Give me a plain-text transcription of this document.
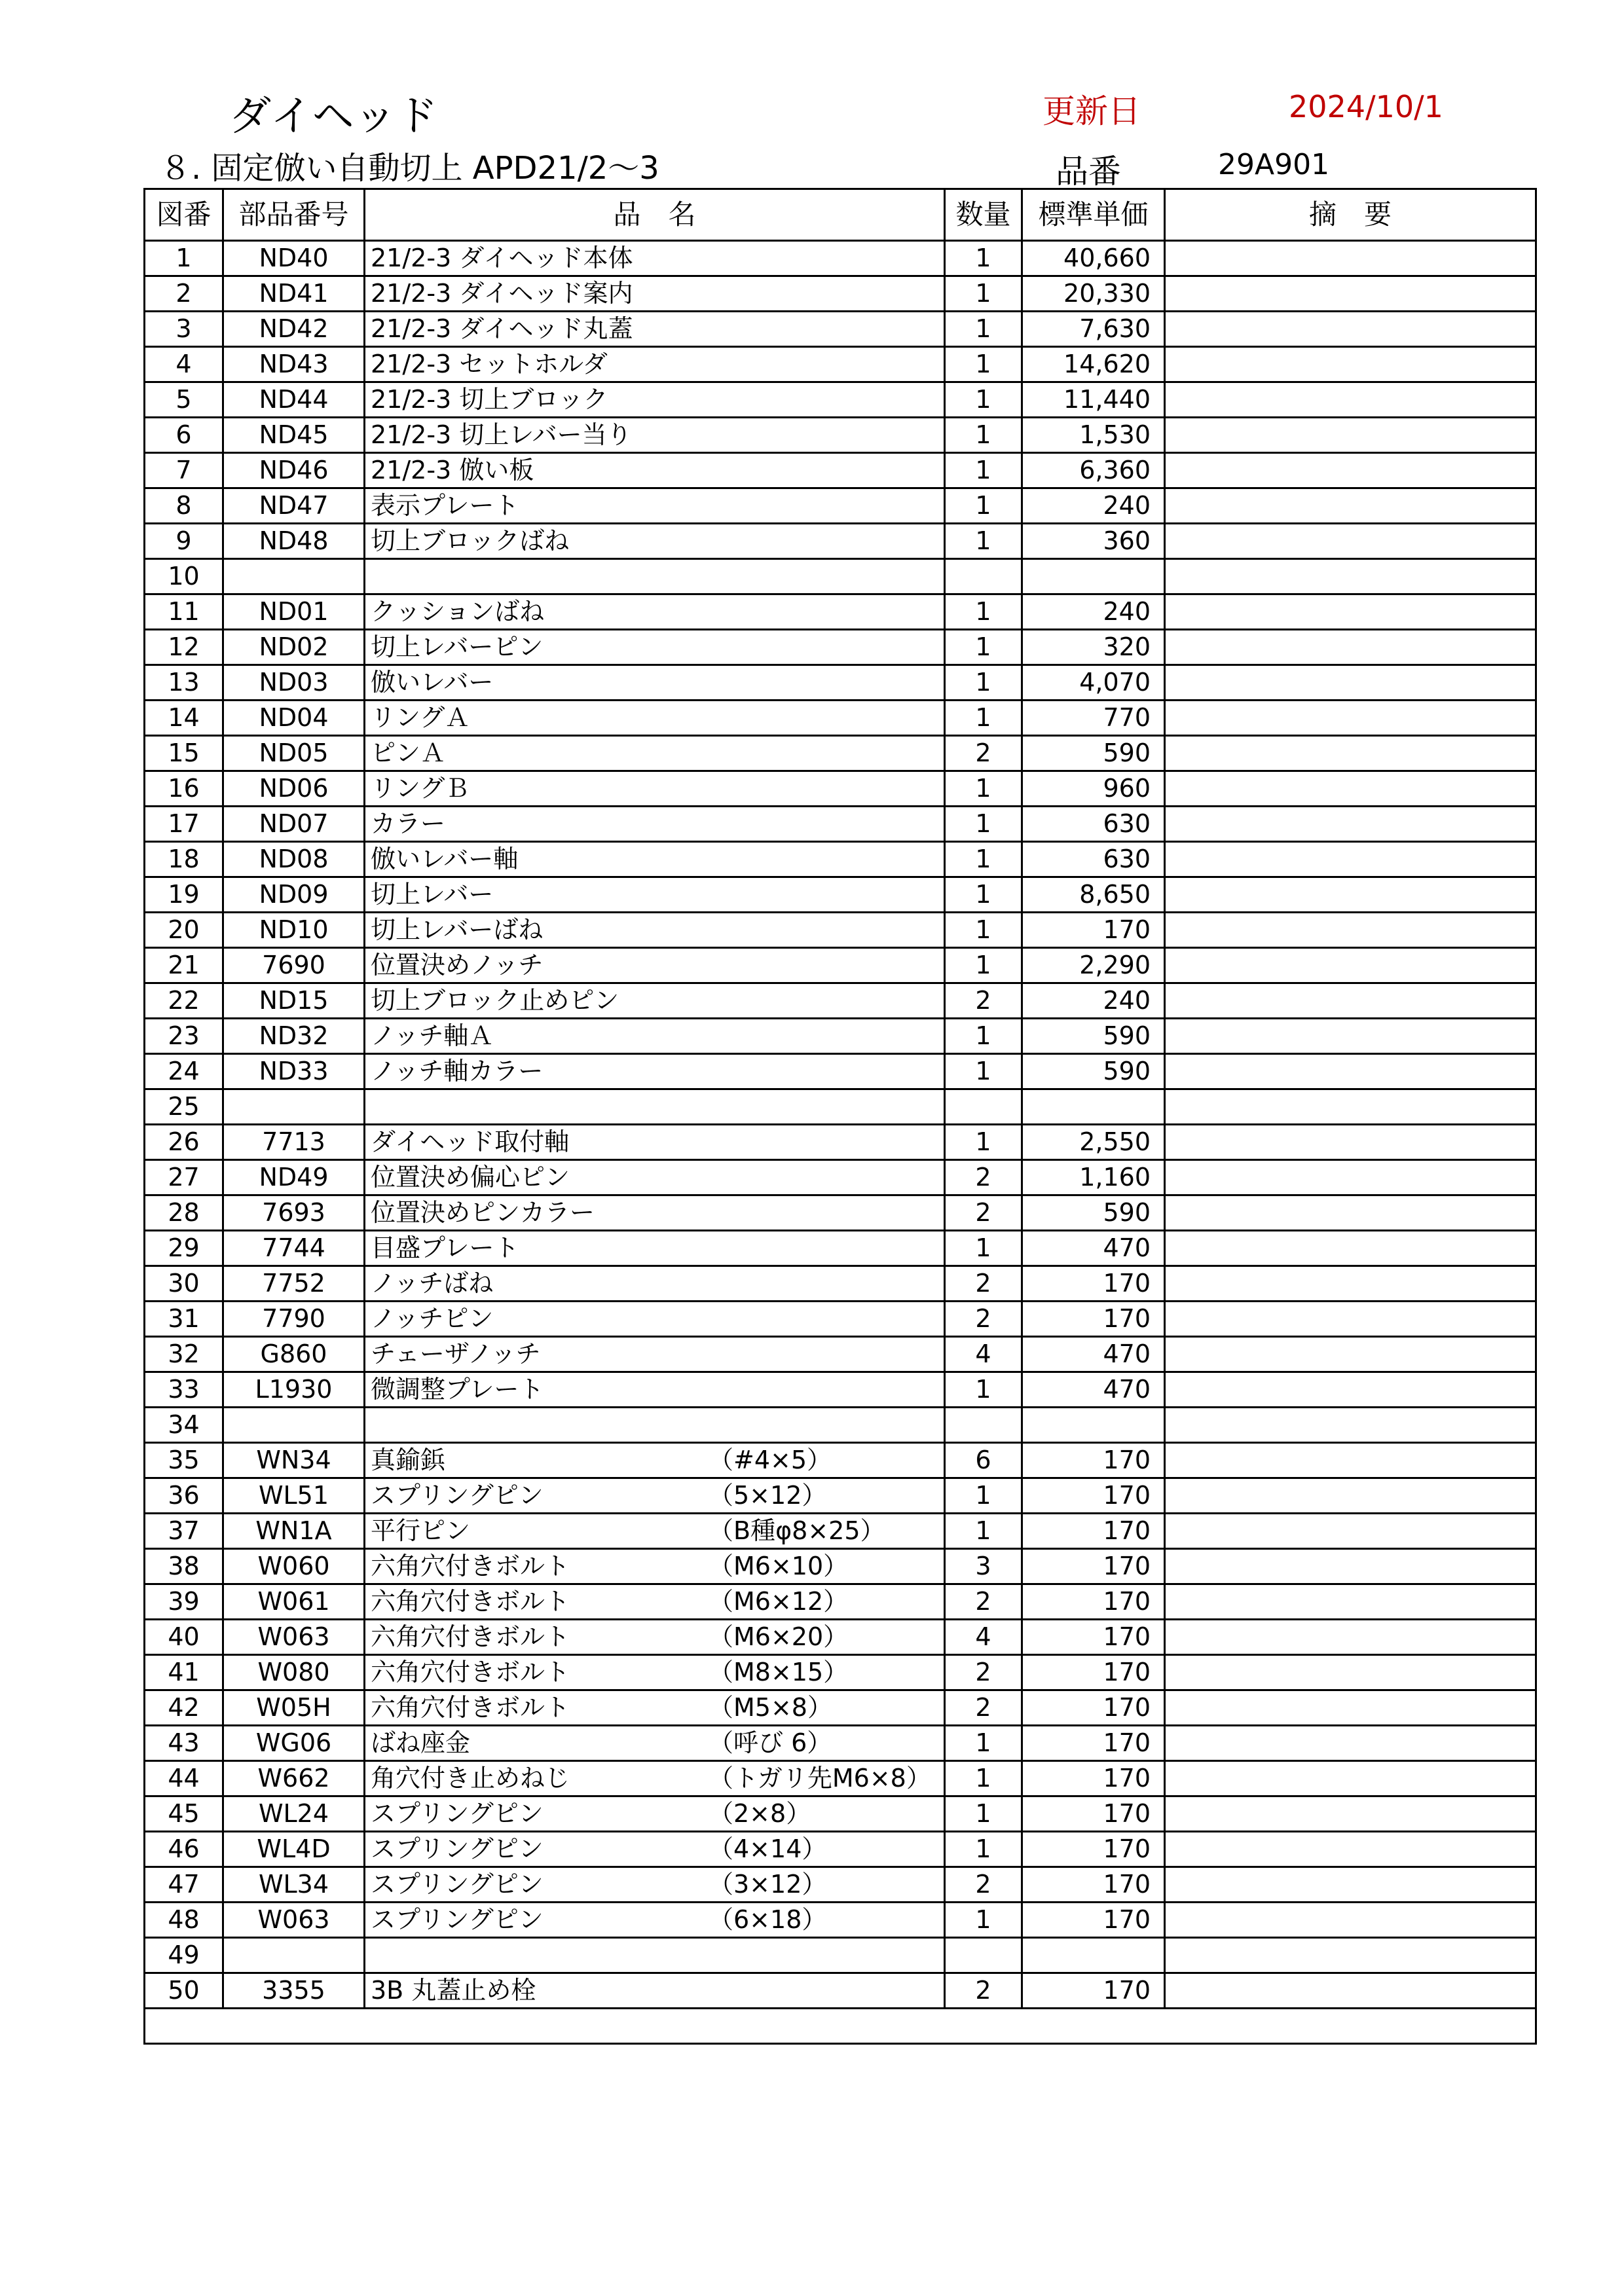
ダイヘッド
８. 固定倣い自動切上 APD21/2～3
更新日	2024/10/1
品番	29A901
図番	部品番号	品　名	数量	標準単価	摘　要
1	ND40	21/2-3 ダイヘッド本体	1	40,660	
2	ND41	21/2-3 ダイヘッド案内	1	20,330	
3	ND42	21/2-3 ダイヘッド丸蓋	1	7,630	
4	ND43	21/2-3 セットホルダ	1	14,620	
5	ND44	21/2-3 切上ブロック	1	11,440	
6	ND45	21/2-3 切上レバー当り	1	1,530	
7	ND46	21/2-3 倣い板	1	6,360	
8	ND47	表示プレート	1	240	
9	ND48	切上ブロックばね	1	360	
10		

11	ND01	クッションばね	1	240	
12	ND02	切上レバーピン	1	320	
13	ND03	倣いレバー	1	4,070	
14	ND04	リングＡ	1	770	
15	ND05	ピンＡ	2	590	
16	ND06	リングＢ	1	960	
17	ND07	カラー	1	630	
18	ND08	倣いレバー軸	1	630	
19	ND09	切上レバー	1	8,650	
20	ND10	切上レバーばね	1	170	
21	7690	位置決めノッチ	1	2,290	
22	ND15	切上ブロック止めピン	2	240	
23	ND32	ノッチ軸Ａ	1	590	
24	ND33	ノッチ軸カラー	1	590	
25		

26	7713	ダイヘッド取付軸	1	2,550	
27	ND49	位置決め偏心ピン	2	1,160	
28	7693	位置決めピンカラー	2	590	
29	7744	目盛プレート	1	470	
30	7752	ノッチばね	2	170	
31	7790	ノッチピン	2	170	
32	G860	チェーザノッチ	4	470	
33	L1930	微調整プレート	1	470	
34		

35	WN34	真鍮鋲 （#4×5）	6	170	
36	WL51	スプリングピン （5×12）	1	170	
37	WN1A	平行ピン （B種φ8×25）	1	170	
38	W060	六角穴付きボルト （M6×10）	3	170	
39	W061	六角穴付きボルト （M6×12）	2	170	
40	W063	六角穴付きボルト （M6×20）	4	170	
41	W080	六角穴付きボルト （M8×15）	2	170	
42	W05H	六角穴付きボルト （M5×8）	2	170	
43	WG06	ばね座金 （呼び 6）	1	170	
44	W662	角穴付き止めねじ （トガリ先M6×8）	1	170	
45	WL24	スプリングピン （2×8）	1	170	
46	WL4D	スプリングピン （4×14）	1	170	
47	WL34	スプリングピン （3×12）	2	170	
48	W063	スプリングピン （6×18）	1	170	
49		

50	3355	3B 丸蓋止め栓	2	170	
